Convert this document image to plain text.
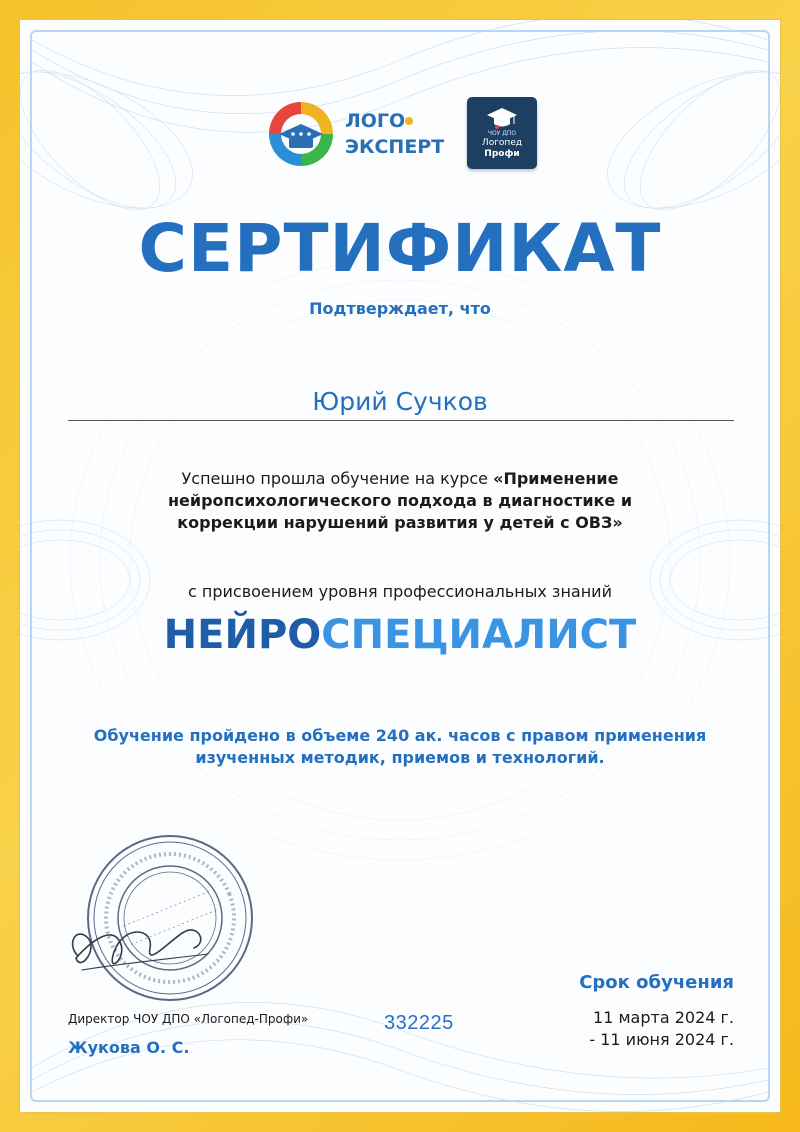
ЛОГО
ЭКСПЕРТ
ЧОУ ДПО
Логопед
Профи
СЕРТИФИКАТ
Подтверждает, что
Юрий Сучков
Успешно прошла обучение на курсе «Применение нейропсихологического подхода в диагностике и коррекции нарушений развития у детей с ОВЗ»
с присвоением уровня профессиональных знаний
НЕЙРОСПЕЦИАЛИСТ
Обучение пройдено в объеме 240 ак. часов с правом применения изученных методик, приемов и технологий.
Директор ЧОУ ДПО «Логопед-Профи»
Жукова О. С.
332225
Срок обучения
11 марта 2024 г.
- 11 июня 2024 г.
